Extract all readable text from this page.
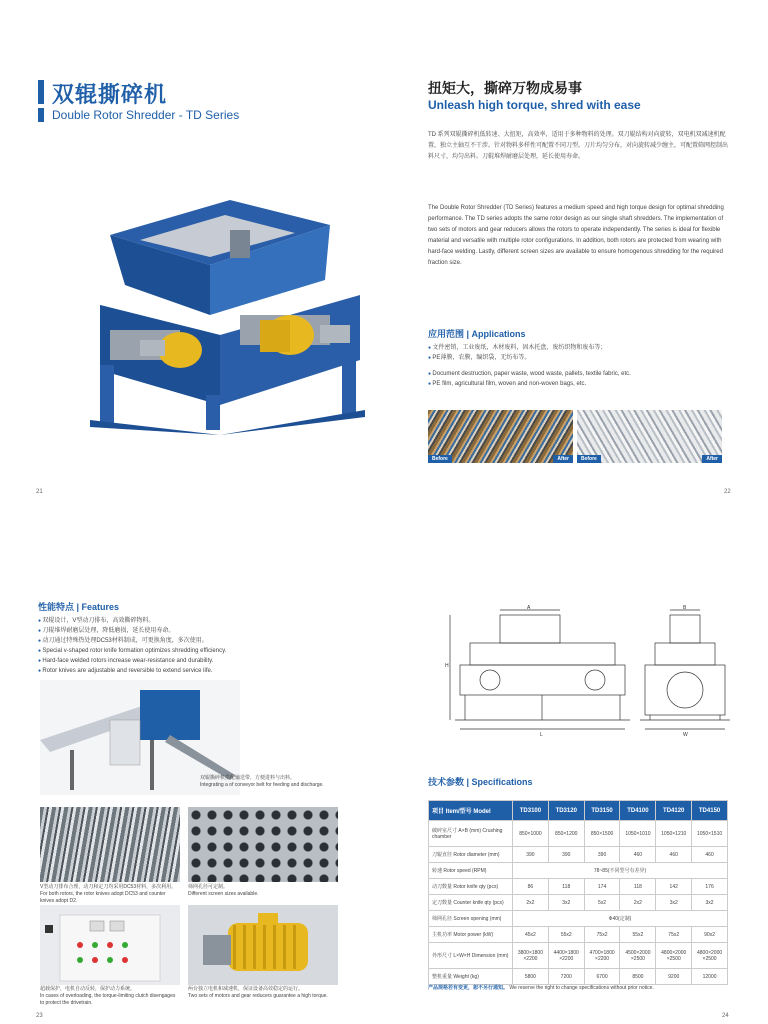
双辊撕碎机
Double Rotor Shredder - TD Series
21
扭矩大，撕碎万物成易事
Unleash high torque, shred with ease
TD 系列双辊撕碎机低转速、大扭矩，高效率，适用于多种物料的处理。双刀辊结构对向旋转，双电机双减速机配置，独立主轴互不干涉。针对物料多样性可配置不同刀型。刀片均匀分布，对向旋转减少缠主，可配置筛网控制出料尺寸，均匀出料。刀辊堆焊耐磨层处理，延长使用寿命。
The Double Rotor Shredder (TD Series) features a medium speed and high torque design for optimal shredding performance. The TD series adopts the same rotor design as our single shaft shredders. The implementation of two sets of motors and gear reducers allows the rotors to operate independently. The series is ideal for flexible material and versatile with multiple rotor configurations. In addition, both rotors are protected from wearing with hard-face welding. Lastly, different screen sizes are available to ensure homogenous shredding for the required fraction size.
应用范围 | Applications
● 文件密销，工业废纸，木材废料，固木托盘，废纺织物和废布等；
● PE薄膜，农膜，编织袋，无纺布等。
● Document destruction, paper waste, wood waste, pallets, textile fabric, etc.
● PE film, agricultural film, woven and non-woven bags, etc.
Before	After	Before	After
22
性能特点 | Features
● 双辊设计，V型动刀排布，高效撕碎物料。
● 刀辊堆焊耐磨层处理，降低磨损，延长使用寿命。
● 动刀通过特殊热处理DC53材料制成，可更换角度，多次使用。
● Special v-shaped rotor knife formation optimizes shredding efficiency.
● Hard-face welded rotors increase wear-resistance and durability.
● Rotor knives are adjustable and reversible to extend service life.
双辊撕碎机搭配输送带，方便进料与出料。
Integrating a of conveyor belt for feeding and discharge.
V型动刀排布合理，动刀和定刀均采用DC53材料，多次利用。
For both rotors, the rotor knives adopt DC53 and counter knives adopt D2.
筛网孔径可定制。
Different screen sizes available.
超载保护，电机自动反转，保护动力系统。
In cases of overloading, the torque-limiting clutch disengages to protect the drivetrain.
两台独立电机和减速机，保证设备高效稳定的运行。
Two sets of motors and gear reducers guarantee a high torque.
23
A
H
L
B
W
技术参数 | Specifications
项目 Item/型号 Model	TD3100	TD3120	TD3150	TD4100	TD4120	TD4150
破碎室尺寸 A×B (mm) Crushing chamber	850×1000	850×1200	850×1500	1050×1010	1050×1210	1050×1510
刀辊直径 Rotor diameter (mm)	390	390	390	460	460	460
转速 Rotor speed (RPM)	78~85(不同型号有差异)					
动刀数量 Rotor knife qty (pcs)	86	118	174	118	142	176
定刀数量 Counter knife qty (pcs)	2x2	3x2	5x2	2x2	3x2	3x2
筛网孔径 Screen opening (mm)	Ф40(定制)					
主机功率 Motor power (kW)	45x2	55x2	75x2	55x2	75x2	90x2
外形尺寸 L×W×H Dimension (mm)	3800×1800 ×2200	4400×1800 ×2200	4700×1800 ×2200	4500×2000 ×2500	4800×2000 ×2500	4800×2000 ×2500
整机重量 Weight (kg)	5800	7200	6700	8500	9200	12000
产品规格若有变更，恕不另行通知。 We reserve the right to change specifications without prior notice.
24
